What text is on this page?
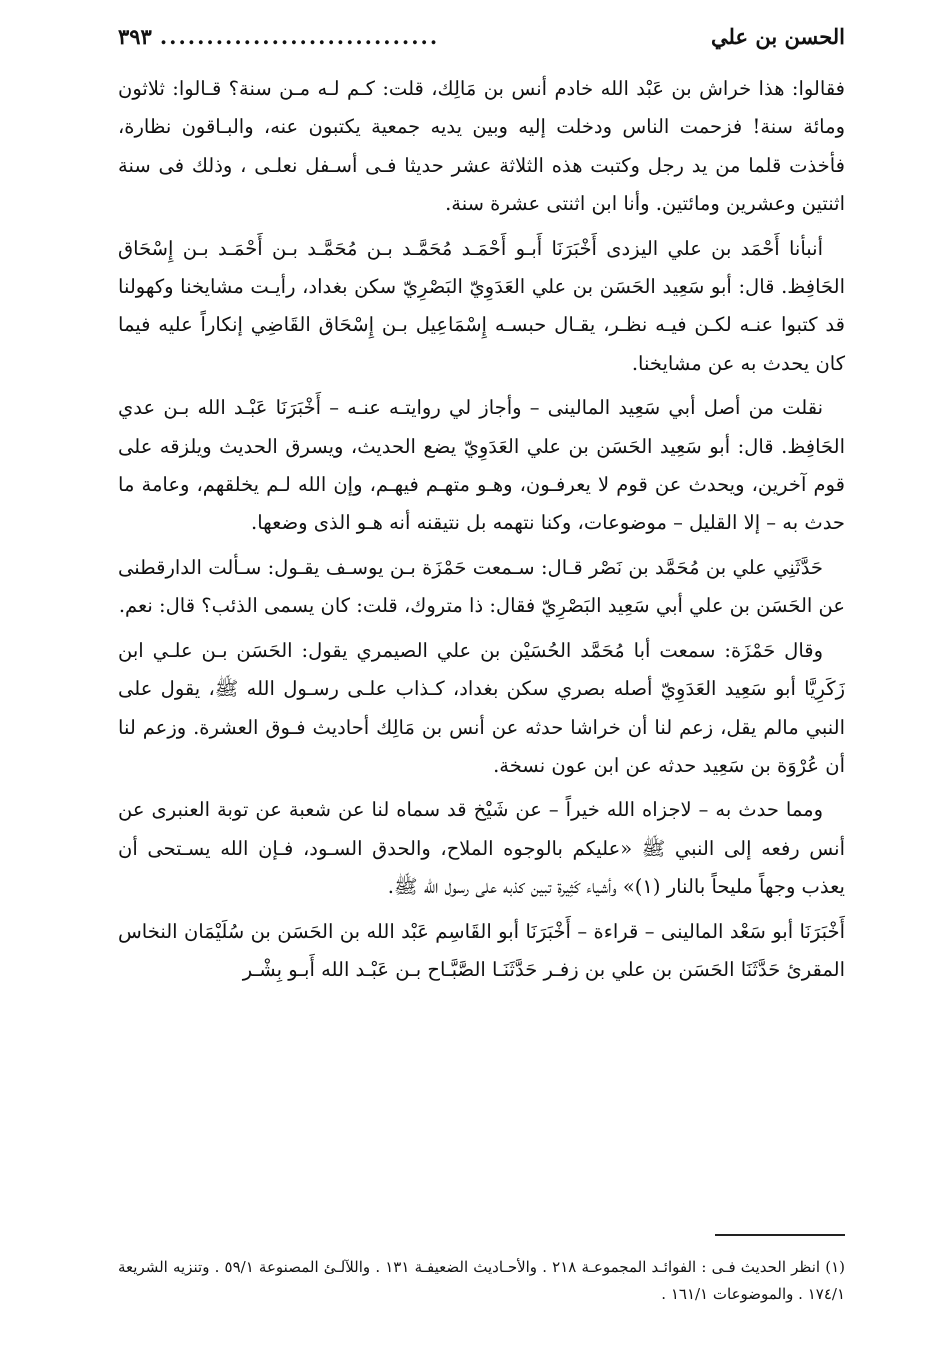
الحسن بن علي
..............................
٣٩٣

فقالوا: هذا خراش بن عَبْد الله خادم أنس بن مَالِك، قلت: كـم لـه مـن سنة؟ قـالوا: ثلاثون ومائة سنة! فزحمت الناس ودخلت إليه وبين يديه جمعية يكتبون عنه، والبـاقون نظارة، فأخذت قلما من يد رجل وكتبت هذه الثلاثة عشر حديثا فـى أسـفل نعلـى ، وذلك فى سنة اثنتين وعشرين ومائتين. وأنا ابن اثنتى عشرة سنة.

أنبأنا أَحْمَد بن علي اليزدى أَخْبَرَنَا أَبـو أَحْمَـد مُحَمَّـد بـن مُحَمَّـد بـن أَحْمَـد بـن إِسْحَاق الحَافِظ. قال: أبو سَعِيد الحَسَن بن علي العَدَوِيّ البَصْرِيّ سكن بغداد، رأيـت مشايخنا وكهولنا قد كتبوا عنـه لكـن فيـه نظـر، يقـال حبسـه إِسْمَاعِيل بـن إِسْحَاق القَاضِي إنكاراً عليه فيما كان يحدث به عن مشايخنا.

نقلت من أصل أبي سَعِيد المالينى – وأجاز لي روايتـه عنـه – أَخْبَرَنَا عَبْـد الله بـن عدي الحَافِظ. قال: أبو سَعِيد الحَسَن بن علي العَدَوِيّ يضع الحديث، ويسرق الحديث ويلزقه على قوم آخرين، ويحدث عن قوم لا يعرفـون، وهـو متهـم فيهـم، وإن الله لـم يخلقهم، وعامة ما حدث به – إلا القليل – موضوعات، وكنا نتهمه بل نتيقنه أنه هـو الذى وضعها.

حَدَّثَنِي علي بن مُحَمَّد بن نَصْر قـال: سـمعت حَمْزَة بـن يوسـف يقـول: سـألت الدارقطنى عن الحَسَن بن علي أبي سَعِيد البَصْرِيّ فقال: ذا متروك، قلت: كان يسمى الذئب؟ قال: نعم.

وقال حَمْزَة: سمعت أبا مُحَمَّد الحُسَيْن بن علي الصيمري يقول: الحَسَن بـن علـي ابن زَكَرِيَّا أبو سَعِيد العَدَوِيّ أصله بصري سكن بغداد، كـذاب علـى رسـول الله ﷺ، يقول على النبي مالم يقل، زعم لنا أن خراشا حدثه عن أنس بن مَالِك أحاديث فـوق العشرة. وزعم لنا أن عُرْوَة بن سَعِيد حدثه عن ابن عون نسخة.

ومما حدث به – لاجزاه الله خيراً – عن شَيْخ قد سماه لنا عن شعبة عن توبة العنبرى عن أنس رفعه إلى النبي ﷺ «عليكم بالوجوه الملاح، والحدق السـود، فـإن الله يسـتحى أن يعذب وجهاً مليحاً بالنار (١)» وأشياء كَثِيرة تبين كذبه على رسول الله ﷺ.

أَخْبَرَنَا أبو سَعْد المالينى – قراءة – أَخْبَرَنَا أبو القَاسِم عَبْد الله بن الحَسَن بن سُلَيْمَان النخاس المقرئ حَدَّثَنَا الحَسَن بن علي بن زفـر حَدَّثَنَـا الصَّبَّـاح بـن عَبْـد الله أَبـو بِشْـر

(١) انظر الحديث فـى : الفوائـد المجموعـة ٢١٨ . والأحـاديث الضعيفـة ١٣١ . واللآلـئ المصنوعة ٥٩/١ . وتنزيه الشريعة ١٧٤/١ . والموضوعات ١٦١/١ .
